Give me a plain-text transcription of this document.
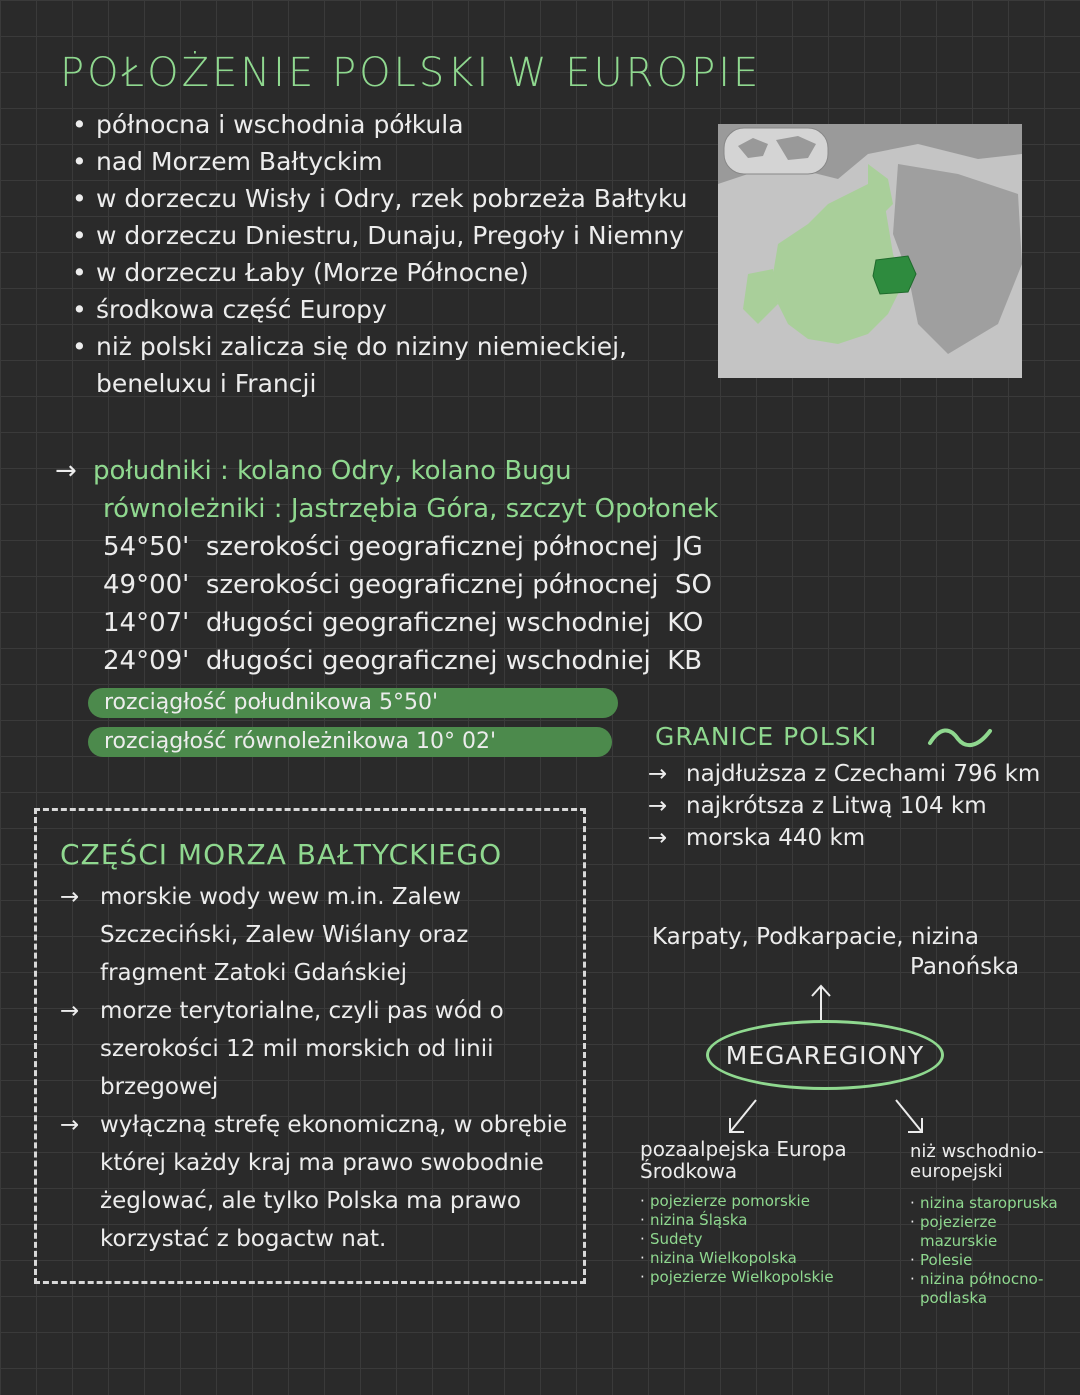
POŁOŻENIE POLSKI W EUROPIE
• północna i wschodnia półkula
• nad Morzem Bałtyckim
• w dorzeczu Wisły i Odry, rzek pobrzeża Bałtyku
• w dorzeczu Dniestru, Dunaju, Pregoły i Niemny
• w dorzeczu Łaby (Morze Północne)
• środkowa część Europy
• niż polski zalicza się do niziny niemieckiej, beneluxu i Francji
→ południki : kolano Odry, kolano Bugu
równoleżniki : Jastrzębia Góra, szczyt Opołonek
54°50' szerokości geograficznej północnej JG
49°00' szerokości geograficznej północnej SO
14°07' długości geograficznej wschodniej KO
24°09' długości geograficznej wschodniej KB
rozciągłość południkowa 5°50'
rozciągłość równoleżnikowa 10° 02'
CZĘŚCI MORZA BAŁTYCKIEGO
→ morskie wody wew m.in. Zalew Szczeciński, Zalew Wiślany oraz fragment Zatoki Gdańskiej
→ morze terytorialne, czyli pas wód o szerokości 12 mil morskich od linii brzegowej
→ wyłączną strefę ekonomiczną, w obrębie której każdy kraj ma prawo swobodnie żeglować, ale tylko Polska ma prawo korzystać z bogactw nat.
GRANICE POLSKI
→ najdłuższa z Czechami 796 km
→ najkrótsza z Litwą 104 km
→ morska 440 km
Karpaty, Podkarpacie, nizina
Panońska
MEGAREGIONY
pozaalpejska Europa Środkowa
· pojezierze pomorskie
· nizina Śląska
· Sudety
· nizina Wielkopolska
· pojezierze Wielkopolskie
niż wschodnio-europejski
· nizina staropruska
· pojezierze mazurskie
· Polesie
· nizina północno-podlaska
